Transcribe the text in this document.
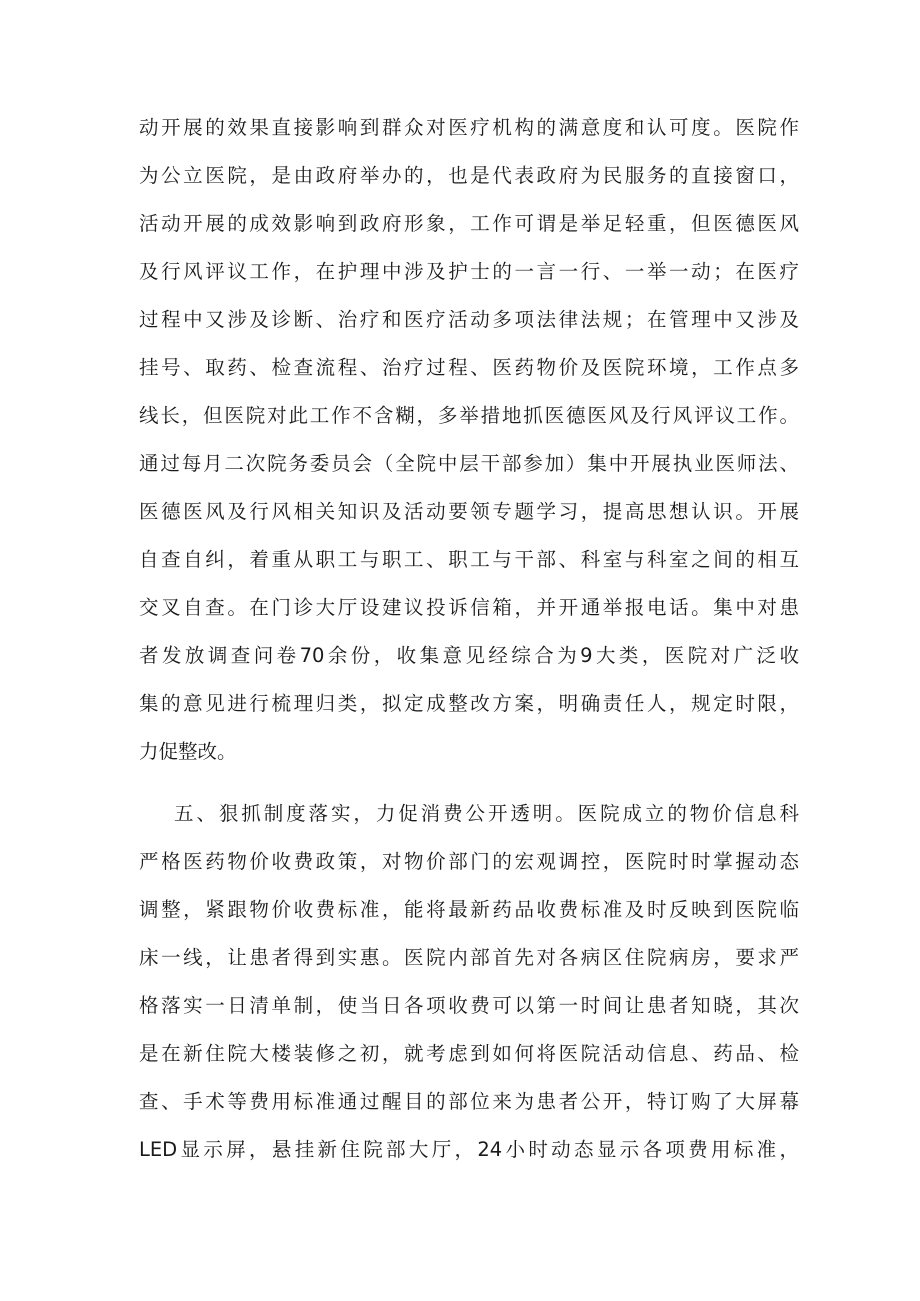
动开展的效果直接影响到群众对医疗机构的满意度和认可度。医院作
为公立医院，是由政府举办的，也是代表政府为民服务的直接窗口，
活动开展的成效影响到政府形象，工作可谓是举足轻重，但医德医风
及行风评议工作，在护理中涉及护士的一言一行、一举一动；在医疗
过程中又涉及诊断、治疗和医疗活动多项法律法规；在管理中又涉及
挂号、取药、检查流程、治疗过程、医药物价及医院环境，工作点多
线长，但医院对此工作不含糊，多举措地抓医德医风及行风评议工作。
通过每月二次院务委员会（全院中层干部参加）集中开展执业医师法、
医德医风及行风相关知识及活动要领专题学习，提高思想认识。开展
自查自纠，着重从职工与职工、职工与干部、科室与科室之间的相互
交叉自查。在门诊大厅设建议投诉信箱，并开通举报电话。集中对患
者发放调查问卷70余份，收集意见经综合为9大类，医院对广泛收
集的意见进行梳理归类，拟定成整改方案，明确责任人，规定时限，
力促整改。
五、狠抓制度落实，力促消费公开透明。医院成立的物价信息科
严格医药物价收费政策，对物价部门的宏观调控，医院时时掌握动态
调整，紧跟物价收费标准，能将最新药品收费标准及时反映到医院临
床一线，让患者得到实惠。医院内部首先对各病区住院病房，要求严
格落实一日清单制，使当日各项收费可以第一时间让患者知晓，其次
是在新住院大楼装修之初，就考虑到如何将医院活动信息、药品、检
查、手术等费用标准通过醒目的部位来为患者公开，特订购了大屏幕
LED显示屏，悬挂新住院部大厅，24小时动态显示各项费用标准，
